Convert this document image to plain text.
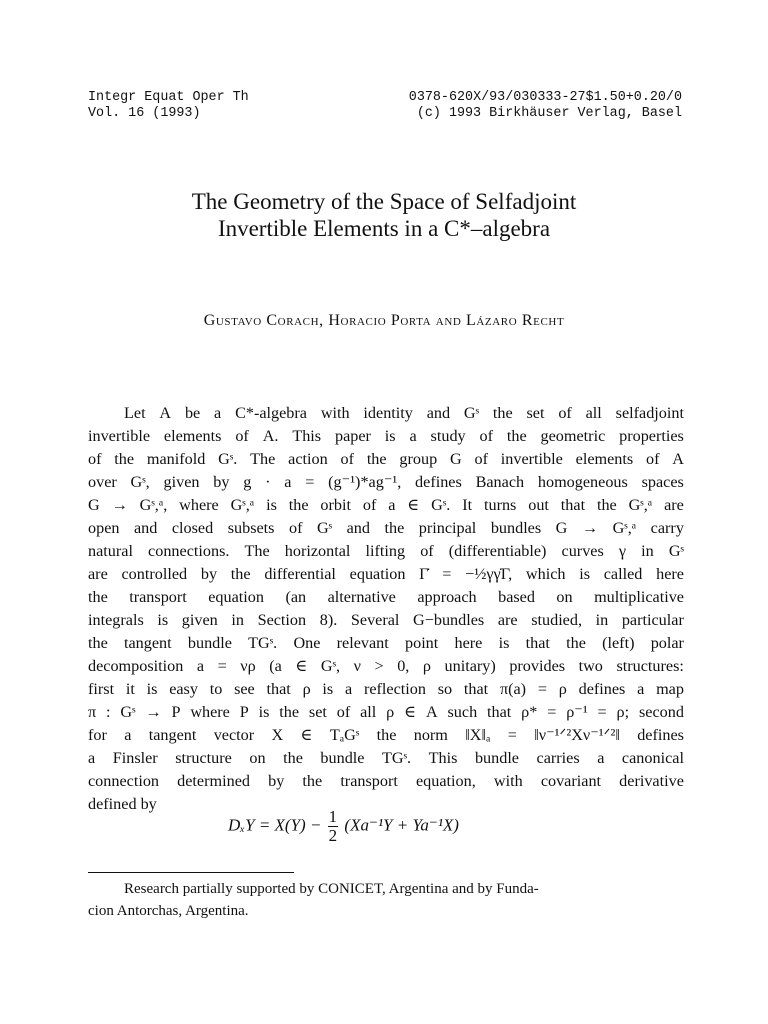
Integr Equat Oper Th
Vol. 16 (1993)
0378-620X/93/030333-27$1.50+0.20/0
(c) 1993 Birkhäuser Verlag, Basel
The Geometry of the Space of Selfadjoint
Invertible Elements in a C*–algebra
Gustavo Corach, Horacio Porta and Lázaro Recht
Let A be a C*-algebra with identity and Gˢ the set of all selfadjoint
invertible elements of A. This paper is a study of the geometric properties
of the manifold Gˢ. The action of the group G of invertible elements of A
over Gˢ, given by g · a = (g⁻¹)*ag⁻¹, defines Banach homogeneous spaces
G → Gˢ,ᵃ, where Gˢ,ᵃ is the orbit of a ∈ Gˢ. It turns out that the Gˢ,ᵃ are
open and closed subsets of Gˢ and the principal bundles G → Gˢ,ᵃ carry
natural connections. The horizontal lifting of (differentiable) curves γ in Gˢ
are controlled by the differential equation Γ̇ = −½γγ̇Γ, which is called here
the transport equation (an alternative approach based on multiplicative
integrals is given in Section 8). Several G−bundles are studied, in particular
the tangent bundle TGˢ. One relevant point here is that the (left) polar
decomposition a = νρ (a ∈ Gˢ, ν > 0, ρ unitary) provides two structures:
first it is easy to see that ρ is a reflection so that π(a) = ρ defines a map
π : Gˢ → P where P is the set of all ρ ∈ A such that ρ* = ρ⁻¹ = ρ; second
for a tangent vector X ∈ TₐGˢ the norm ‖X‖ₐ = ‖ν⁻¹ᐟ²Xν⁻¹ᐟ²‖ defines
a Finsler structure on the bundle TGˢ. This bundle carries a canonical
connection determined by the transport equation, with covariant derivative
defined by
$D_xY = X(Y) - \frac{1}{2} (Xa^{-1}Y + Ya^{-1}X)$
Research partially supported by CONICET, Argentina and by Funda-
cion Antorchas, Argentina.
